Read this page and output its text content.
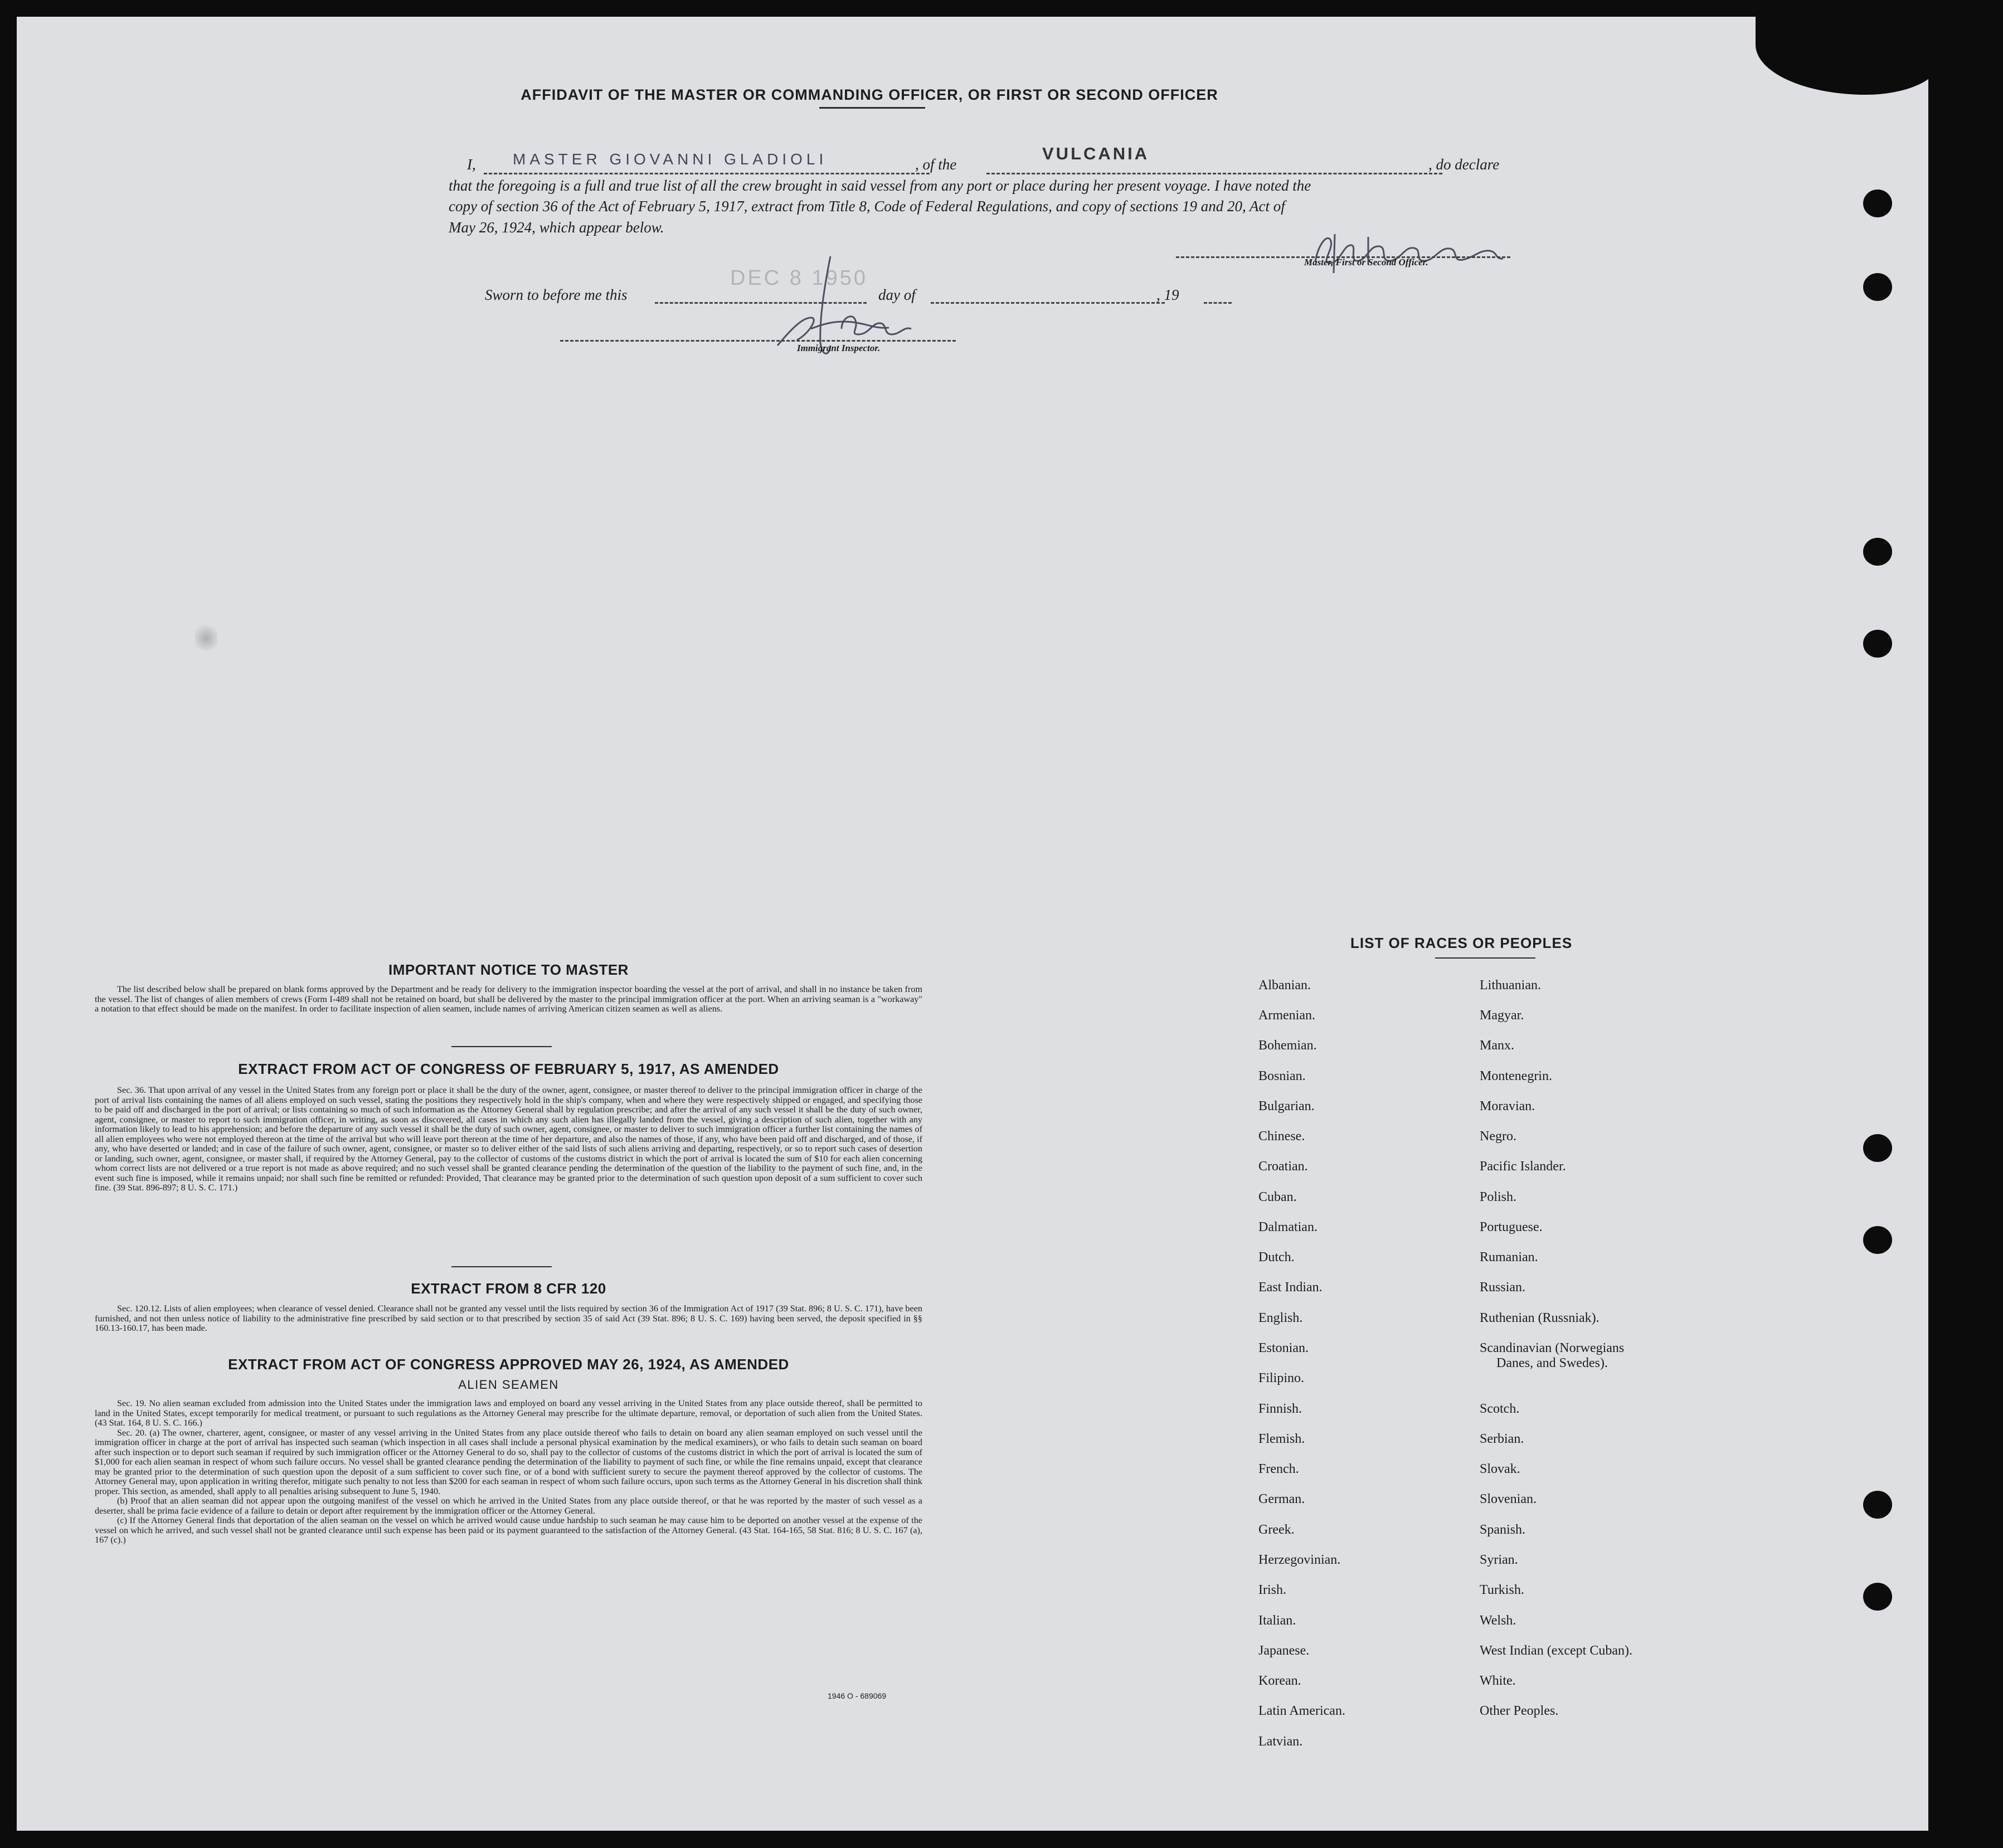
AFFIDAVIT OF THE MASTER OR COMMANDING OFFICER, OR FIRST OR SECOND OFFICER
I, MASTER GIOVANNI GLADIOLI	, of the
VULCANIA
, do declare
that the foregoing is a full and true list of all the crew brought in said vessel from any port or place during her present voyage. I have noted the
copy of section 36 of the Act of February 5, 1917, extract from Title 8, Code of Federal Regulations, and copy of sections 19 and 20, Act of
May 26, 1924, which appear below.
Master, First or Second Officer.
Sworn to before me this
DEC 8 1950
day of	, 19
Immigrant Inspector.
IMPORTANT NOTICE TO MASTER

The list described below shall be prepared on blank forms approved by the Department and be ready for delivery to the immigration inspector boarding the vessel at the port of arrival, and shall in no instance be taken from the vessel. The list of changes of alien members of crews (Form I-489 shall not be retained on board, but shall be delivered by the master to the principal immigration officer at the port. When an arriving seaman is a "workaway" a notation to that effect should be made on the manifest. In order to facilitate inspection of alien seamen, include names of arriving American citizen seamen as well as aliens.

EXTRACT FROM ACT OF CONGRESS OF FEBRUARY 5, 1917, AS AMENDED

Sec. 36. That upon arrival of any vessel in the United States from any foreign port or place it shall be the duty of the owner, agent, consignee, or master thereof to deliver to the principal immigration officer in charge of the port of arrival lists containing the names of all aliens employed on such vessel, stating the positions they respectively hold in the ship's company, when and where they were respectively shipped or engaged, and specifying those to be paid off and discharged in the port of arrival; or lists containing so much of such information as the Attorney General shall by regulation prescribe; and after the arrival of any such vessel it shall be the duty of such owner, agent, consignee, or master to report to such immigration officer, in writing, as soon as discovered, all cases in which any such alien has illegally landed from the vessel, giving a description of such alien, together with any information likely to lead to his apprehension; and before the departure of any such vessel it shall be the duty of such owner, agent, consignee, or master to deliver to such immigration officer a further list containing the names of all alien employees who were not employed thereon at the time of the arrival but who will leave port thereon at the time of her departure, and also the names of those, if any, who have been paid off and discharged, and of those, if any, who have deserted or landed; and in case of the failure of such owner, agent, consignee, or master so to deliver either of the said lists of such aliens arriving and departing, respectively, or so to report such cases of desertion or landing, such owner, agent, consignee, or master shall, if required by the Attorney General, pay to the collector of customs of the customs district in which the port of arrival is located the sum of $10 for each alien concerning whom correct lists are not delivered or a true report is not made as above required; and no such vessel shall be granted clearance pending the determination of the question of the liability to the payment of such fine, and, in the event such fine is imposed, while it remains unpaid; nor shall such fine be remitted or refunded: Provided, That clearance may be granted prior to the determination of such question upon deposit of a sum sufficient to cover such fine. (39 Stat. 896-897; 8 U. S. C. 171.)

EXTRACT FROM 8 CFR 120

Sec. 120.12. Lists of alien employees; when clearance of vessel denied. Clearance shall not be granted any vessel until the lists required by section 36 of the Immigration Act of 1917 (39 Stat. 896; 8 U. S. C. 171), have been furnished, and not then unless notice of liability to the administrative fine prescribed by said section or to that prescribed by section 35 of said Act (39 Stat. 896; 8 U. S. C. 169) having been served, the deposit specified in §§ 160.13-160.17, has been made.

EXTRACT FROM ACT OF CONGRESS APPROVED MAY 26, 1924, AS AMENDED
ALIEN SEAMEN

Sec. 19. No alien seaman excluded from admission into the United States under the immigration laws and employed on board any vessel arriving in the United States from any place outside thereof, shall be permitted to land in the United States, except temporarily for medical treatment, or pursuant to such regulations as the Attorney General may prescribe for the ultimate departure, removal, or deportation of such alien from the United States. (43 Stat. 164, 8 U. S. C. 166.)

Sec. 20. (a) The owner, charterer, agent, consignee, or master of any vessel arriving in the United States from any place outside thereof who fails to detain on board any alien seaman employed on such vessel until the immigration officer in charge at the port of arrival has inspected such seaman (which inspection in all cases shall include a personal physical examination by the medical examiners), or who fails to detain such seaman on board after such inspection or to deport such seaman if required by such immigration officer or the Attorney General to do so, shall pay to the collector of customs of the customs district in which the port of arrival is located the sum of $1,000 for each alien seaman in respect of whom such failure occurs. No vessel shall be granted clearance pending the determination of the liability to payment of such fine, or while the fine remains unpaid, except that clearance may be granted prior to the determination of such question upon the deposit of a sum sufficient to cover such fine, or of a bond with sufficient surety to secure the payment thereof approved by the collector of customs. The Attorney General may, upon application in writing therefor, mitigate such penalty to not less than $200 for each seaman in respect of whom such failure occurs, upon such terms as the Attorney General in his discretion shall think proper. This section, as amended, shall apply to all penalties arising subsequent to June 5, 1940.

(b) Proof that an alien seaman did not appear upon the outgoing manifest of the vessel on which he arrived in the United States from any place outside thereof, or that he was reported by the master of such vessel as a deserter, shall be prima facie evidence of a failure to detain or deport after requirement by the immigration officer or the Attorney General.

(c) If the Attorney General finds that deportation of the alien seaman on the vessel on which he arrived would cause undue hardship to such seaman he may cause him to be deported on another vessel at the expense of the vessel on which he arrived, and such vessel shall not be granted clearance until such expense has been paid or its payment guaranteed to the satisfaction of the Attorney General. (43 Stat. 164-165, 58 Stat. 816; 8 U. S. C. 167 (a), 167 (c).)

1946 O - 689069
LIST OF RACES OR PEOPLES
Albanian.
Armenian.
Bohemian.
Bosnian.
Bulgarian.
Chinese.
Croatian.
Cuban.
Dalmatian.
Dutch.
East Indian.
English.
Estonian.
Filipino.
Finnish.
Flemish.
French.
German.
Greek.
Herzegovinian.
Irish.
Italian.
Japanese.
Korean.
Latin American.
Latvian.
Lithuanian.
Magyar.
Manx.
Montenegrin.
Moravian.
Negro.
Pacific Islander.
Polish.
Portuguese.
Rumanian.
Russian.
Ruthenian (Russniak).
Scandinavian (Norwegians
Danes, and Swedes).
Scotch.
Serbian.
Slovak.
Slovenian.
Spanish.
Syrian.
Turkish.
Welsh.
West Indian (except Cuban).
White.
Other Peoples.
